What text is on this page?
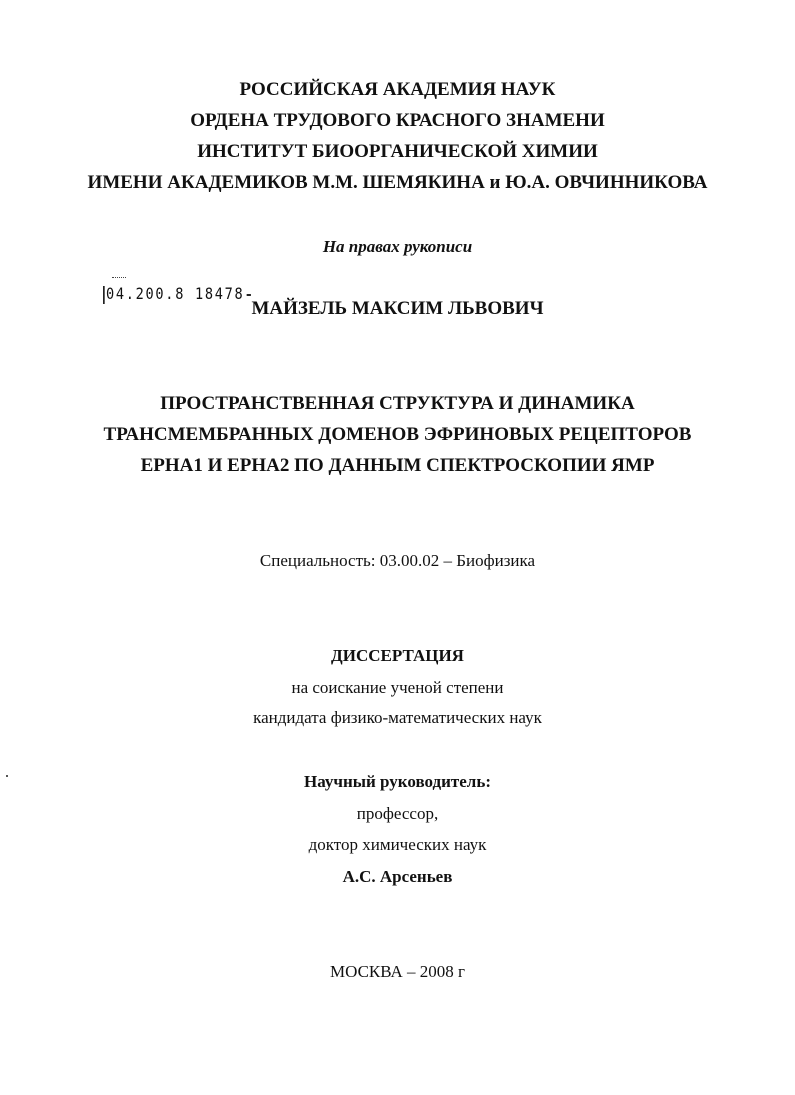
РОССИЙСКАЯ АКАДЕМИЯ НАУК
ОРДЕНА ТРУДОВОГО КРАСНОГО ЗНАМЕНИ
ИНСТИТУТ БИООРГАНИЧЕСКОЙ ХИМИИ
ИМЕНИ АКАДЕМИКОВ М.М. ШЕМЯКИНА и Ю.А. ОВЧИННИКОВА
На правах рукописи
04.200.8 18478
МАЙЗЕЛЬ МАКСИМ ЛЬВОВИЧ
ПРОСТРАНСТВЕННАЯ СТРУКТУРА И ДИНАМИКА
ТРАНСМЕМБРАННЫХ ДОМЕНОВ ЭФРИНОВЫХ РЕЦЕПТОРОВ
ЕРНА1 И ЕРНА2 ПО ДАННЫМ СПЕКТРОСКОПИИ ЯМР
Специальность: 03.00.02 – Биофизика
ДИССЕРТАЦИЯ
на соискание ученой степени
кандидата физико-математических наук
Научный руководитель:
профессор,
доктор химических наук
А.С. Арсеньев
МОСКВА – 2008 г
